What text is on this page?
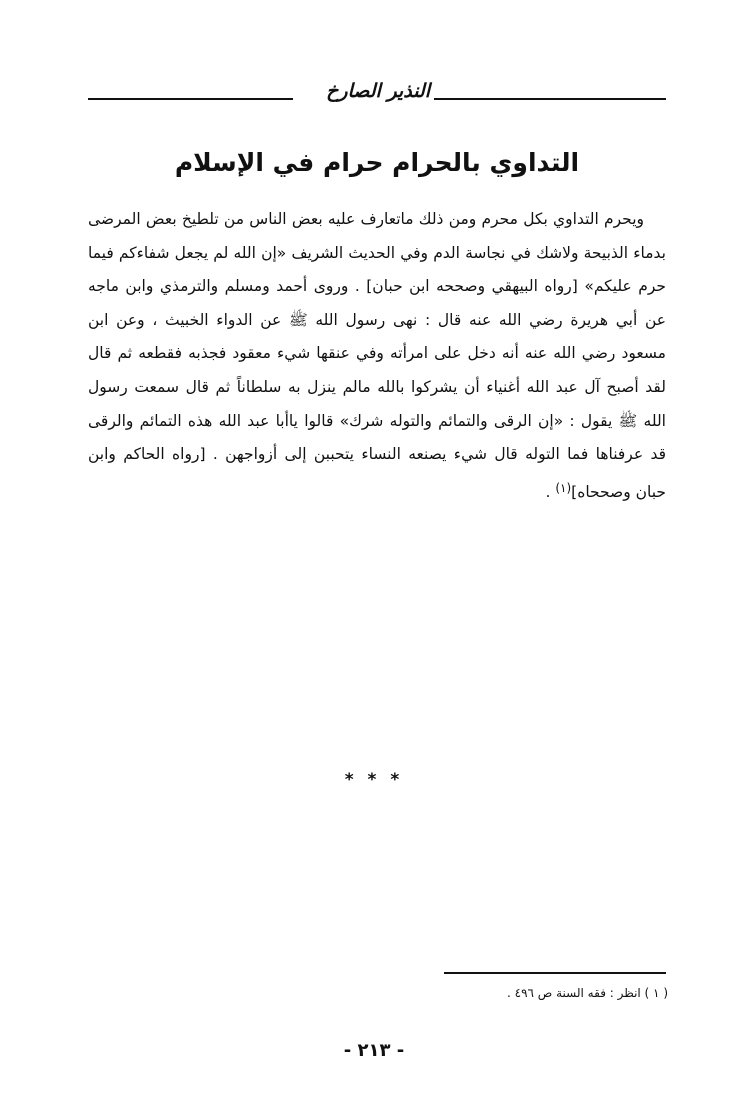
النذير الصارخ
التداوي بالحرام حرام في الإسلام

ويحرم التداوي بكل محرم ومن ذلك ماتعارف عليه بعض الناس من تلطيخ بعض المرضى بدماء الذبيحة ولاشك في نجاسة الدم وفي الحديث الشريف «إن الله لم يجعل شفاءكم فيما حرم عليكم» [رواه البيهقي وصححه ابن حبان] . وروى أحمد ومسلم والترمذي وابن ماجه عن أبي هريرة رضي الله عنه قال : نهى رسول الله ﷺ عن الدواء الخبيث ، وعن ابن مسعود رضي الله عنه أنه دخل على امرأته وفي عنقها شيء معقود فجذبه فقطعه ثم قال لقد أصبح آل عبد الله أغنياء أن يشركوا بالله مالم ينزل به سلطاناً ثم قال سمعت رسول الله ﷺ يقول : «إن الرقى والتمائم والتوله شرك» قالوا ياأبا عبد الله هذه التمائم والرقى قد عرفناها فما التوله قال شيء يصنعه النساء يتحببن إلى أزواجهن . [رواه الحاكم وابن حبان وصححاه]$^{(١)}$ .

* * *
( ١ ) انظر : فقه السنة ص ٤٩٦ .
- ٢١٣ -
